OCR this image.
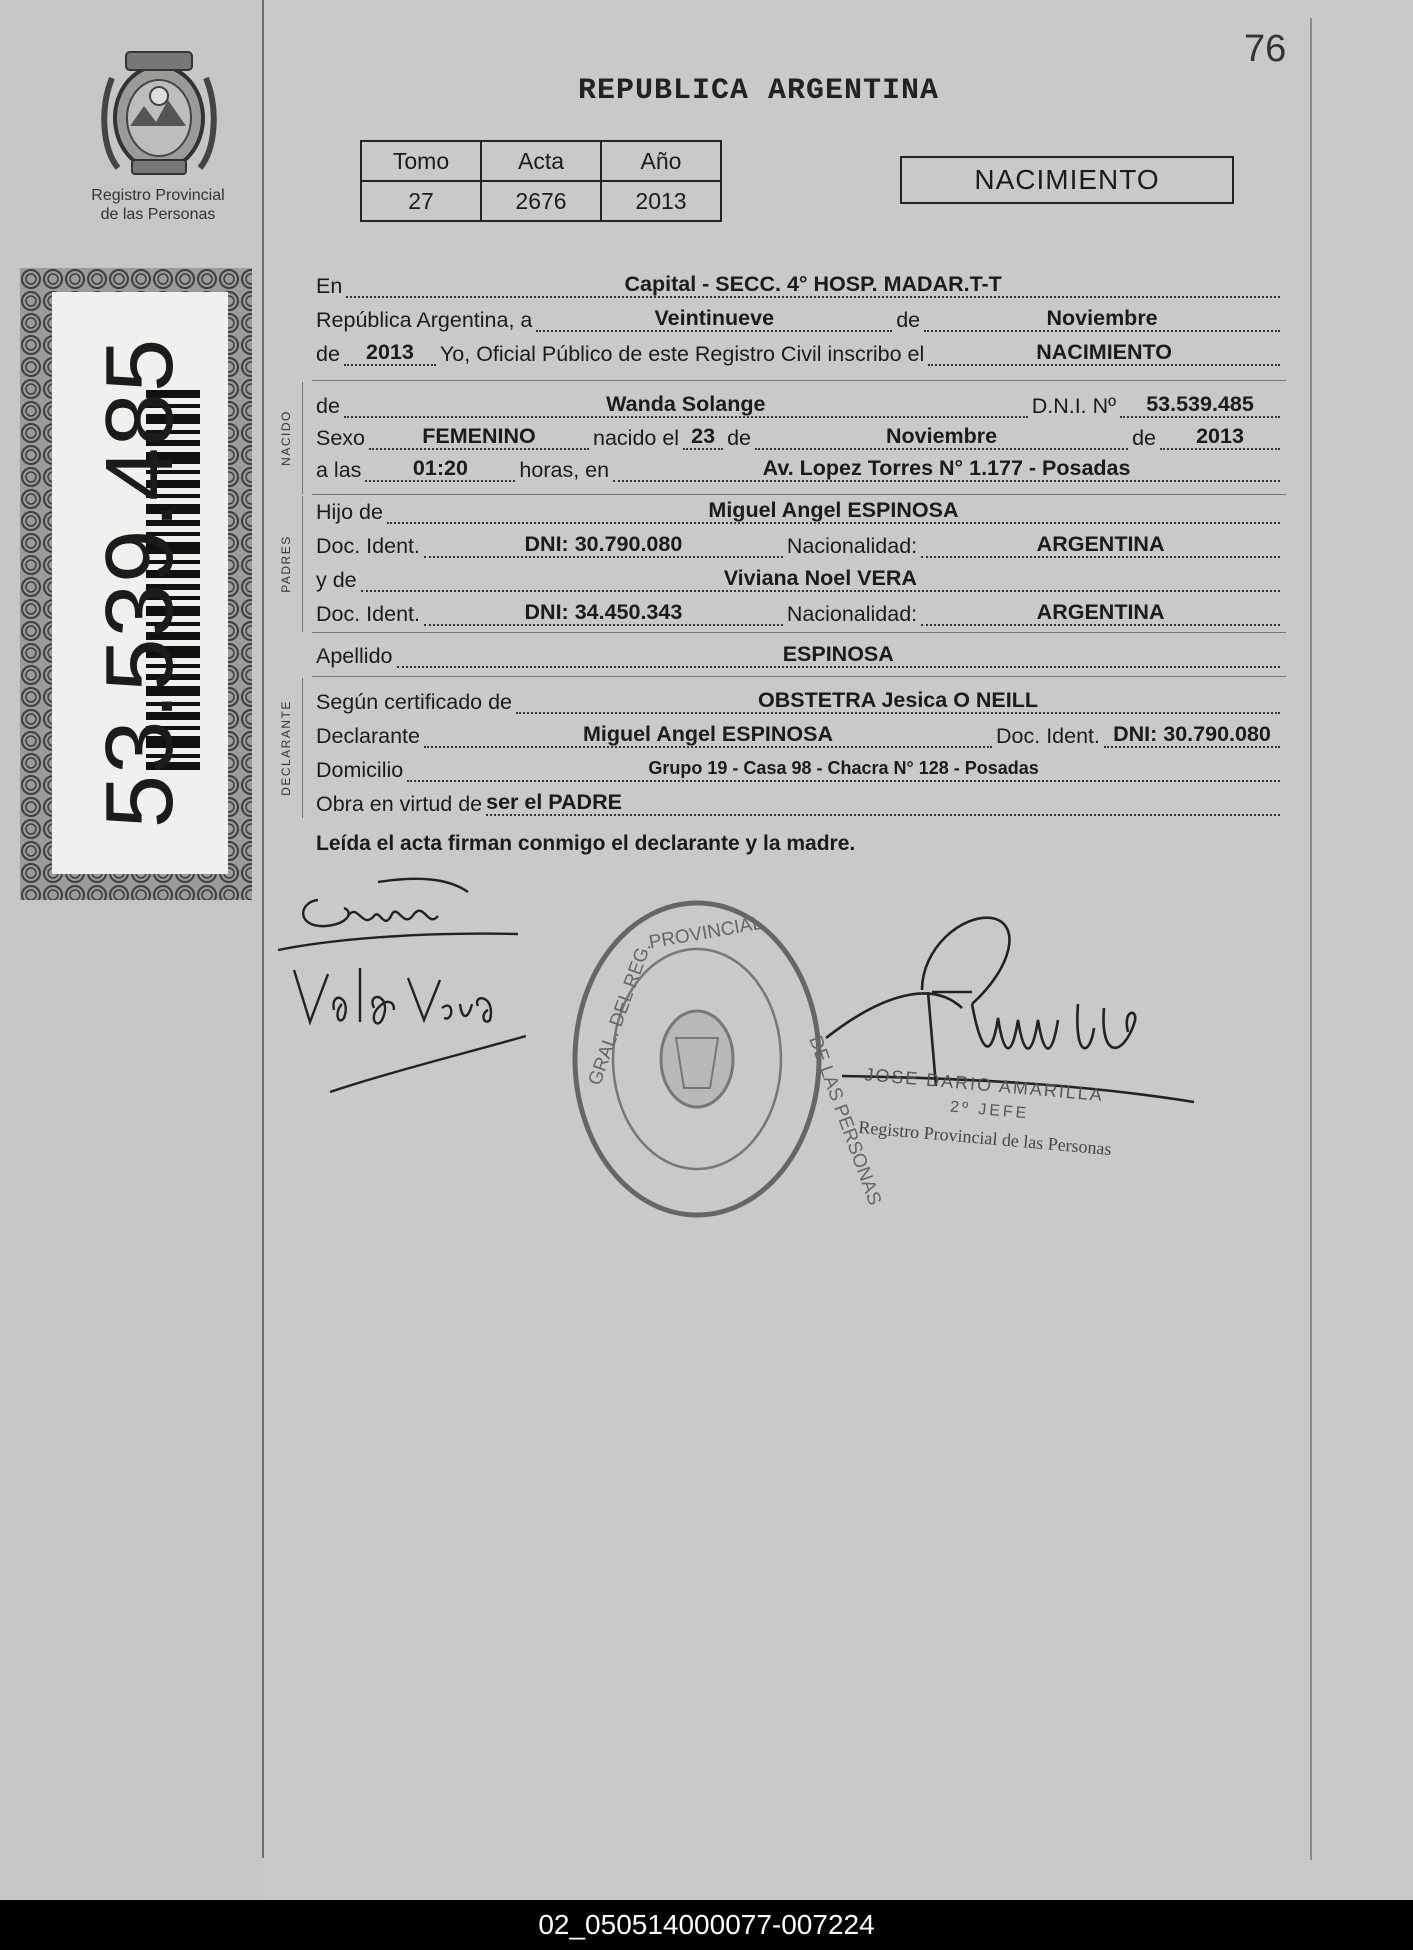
Registro Provincial
de las Personas
53.539.485
76
REPUBLICA ARGENTINA
Tomo	Acta	Año
27	2676	2013
NACIMIENTO
En	Capital - SECC. 4° HOSP. MADAR.T-T
República Argentina, a	Veintinueve	de	Noviembre
de	2013	Yo, Oficial Público de este Registro Civil inscribo el	NACIMIENTO
de	Wanda Solange	D.N.I. Nº	53.539.485
Sexo	FEMENINO	nacido el 23 de	Noviembre	de	2013
a las	01:20	horas, en	Av. Lopez Torres N° 1.177 - Posadas
Hijo de	Miguel Angel ESPINOSA
Doc. Ident.	DNI: 30.790.080	Nacionalidad:	ARGENTINA
y de	Viviana Noel VERA
Doc. Ident.	DNI: 34.450.343	Nacionalidad:	ARGENTINA
Apellido	ESPINOSA
Según certificado de	OBSTETRA Jesica O NEILL
Declarante	Miguel Angel ESPINOSA	Doc. Ident. DNI: 30.790.080
Domicilio	Grupo 19 - Casa 98 - Chacra N° 128 - Posadas
Obra en virtud de ser el PADRE
NACIDO
PADRES
DECLARANTE
Leída el acta firman conmigo el declarante y la madre.
PROVINCIAL
GRAL. DEL REG.
DE LAS PERSONAS
JOSE DARIO AMARILLA
2º JEFE
Registro Provincial de las Personas
02_050514000077-007224
